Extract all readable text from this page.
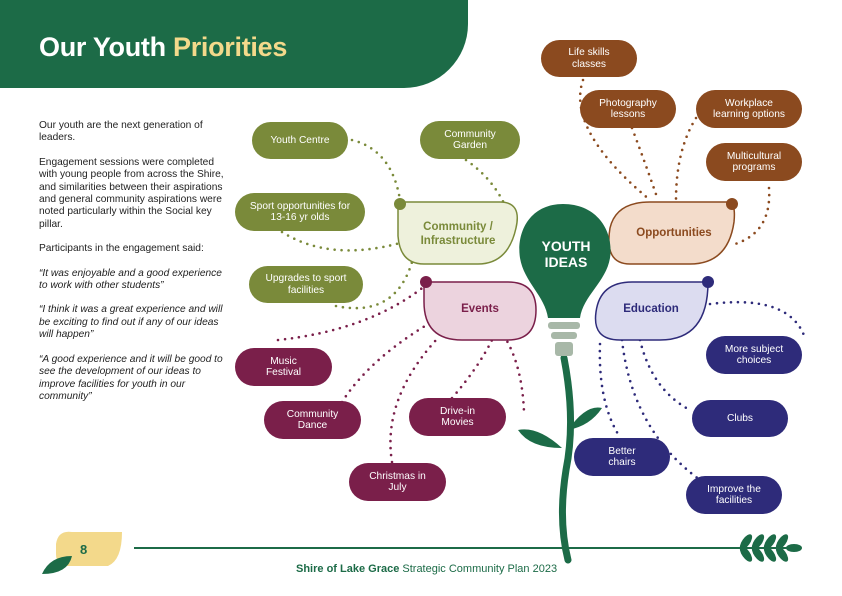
Our Youth Priorities

Our youth are the next generation of leaders.

Engagement sessions were completed with young people from across the Shire, and similarities between their aspirations and general community aspirations were noted particularly within the Social key pillar.

Participants in the engagement said:

“It was enjoyable and a good experience to work with other students”

“I think it was a great experience and will be exciting to find out if any of our ideas will happen”

“A good experience and it will be good to see the development of our ideas to improve facilities for youth in our community”

YOUTH
IDEAS
Community /
Infrastructure
Opportunities
Events	Education
Youth Centre
Community
Garden
Sport opportunities for
13-16 yr olds
Upgrades to sport
facilities
Life skills
classes
Photography
lessons
Workplace
learning options
Multicultural
programs
Music
Festival
Community
Dance
Drive-in
Movies
Christmas in
July
More subject
choices
Clubs
Better
chairs
Improve the
facilities
8
Shire of Lake Grace Strategic Community Plan 2023
